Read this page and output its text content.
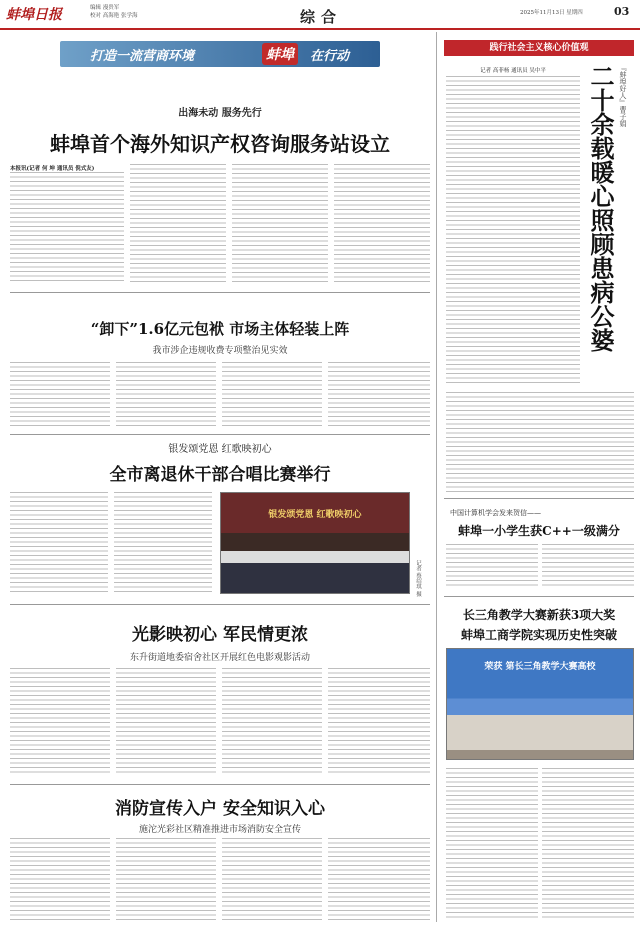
蚌埠日报	编辑 漫贵军
校对 高海艳 张学海	综合	2025年11月13日 星期四	03
打造一流营商环境	蚌埠	在行动
出海未动 服务先行
蚌埠首个海外知识产权咨询服务站设立
本报讯(记者 何 坤 通讯员 倪式友)
“卸下”1.6亿元包袱 市场主体轻装上阵
我市涉企违规收费专项整治见实效
银发颂党恩 红歌映初心
全市离退休干部合唱比赛举行
银发颂党恩 红歌映初心
记者 蔡绍琪 摄
光影映初心 军民情更浓
东升街道地委宿舍社区开展红色电影观影活动
消防宣传入户 安全知识入心
施沱光彩社区精准推进市场消防安全宣传
践行社会主义核心价值观
『蚌埠好人』曹子娟
二十余载暖心照顾患病公婆
记者 高菲杨 通讯员 吴中平
中国计算机学会发来贺信——
蚌埠一小学生获C++一级满分
长三角教学大赛新获3项大奖
蚌埠工商学院实现历史性突破
荣获 第长三角教学大赛高校
